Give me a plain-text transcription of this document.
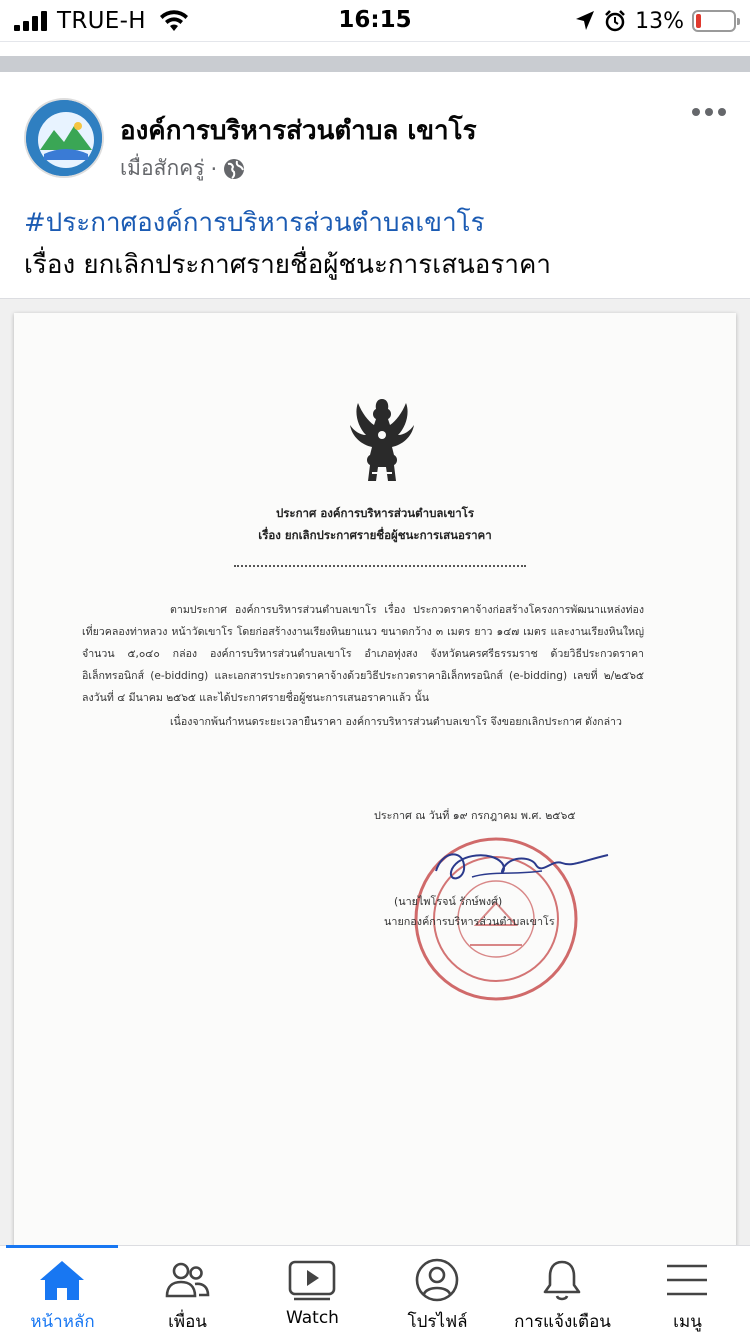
TRUE-H	16:15	13%
องค์การบริหารส่วนตำบล เขาโร
เมื่อสักครู่ ·
#ประกาศองค์การบริหารส่วนตำบลเขาโร
เรื่อง ยกเลิกประกาศรายชื่อผู้ชนะการเสนอราคา
ประกาศ องค์การบริหารส่วนตำบลเขาโร
เรื่อง ยกเลิกประกาศรายชื่อผู้ชนะการเสนอราคา

ตามประกาศ องค์การบริหารส่วนตำบลเขาโร เรื่อง ประกวดราคาจ้างก่อสร้างโครงการพัฒนาแหล่งท่องเที่ยวคลองท่าหลวง หน้าวัดเขาโร โดยก่อสร้างงานเรียงหินยาแนว ขนาดกว้าง ๓ เมตร ยาว ๑๔๗ เมตร และงานเรียงหินใหญ่ จำนวน ๕,๐๔๐ กล่อง องค์การบริหารส่วนตำบลเขาโร อำเภอทุ่งสง จังหวัดนครศรีธรรมราช ด้วยวิธีประกวดราคาอิเล็กทรอนิกส์ (e-bidding) และเอกสารประกวดราคาจ้างด้วยวิธีประกวดราคาอิเล็กทรอนิกส์ (e-bidding) เลขที่ ๒/๒๕๖๕ ลงวันที่ ๔ มีนาคม ๒๕๖๕ และได้ประกาศรายชื่อผู้ชนะการเสนอราคาแล้ว นั้น

เนื่องจากพ้นกำหนดระยะเวลายืนราคา องค์การบริหารส่วนตำบลเขาโร จึงขอยกเลิกประกาศ ดังกล่าว

ประกาศ ณ วันที่ ๑๙ กรกฎาคม พ.ศ. ๒๕๖๕
(นายไพโรจน์ รักษ์พงศ์)
นายกองค์การบริหารส่วนตำบลเขาโร
หน้าหลัก	เพื่อน	Watch	โปรไฟล์	การแจ้งเตือน	เมนู
